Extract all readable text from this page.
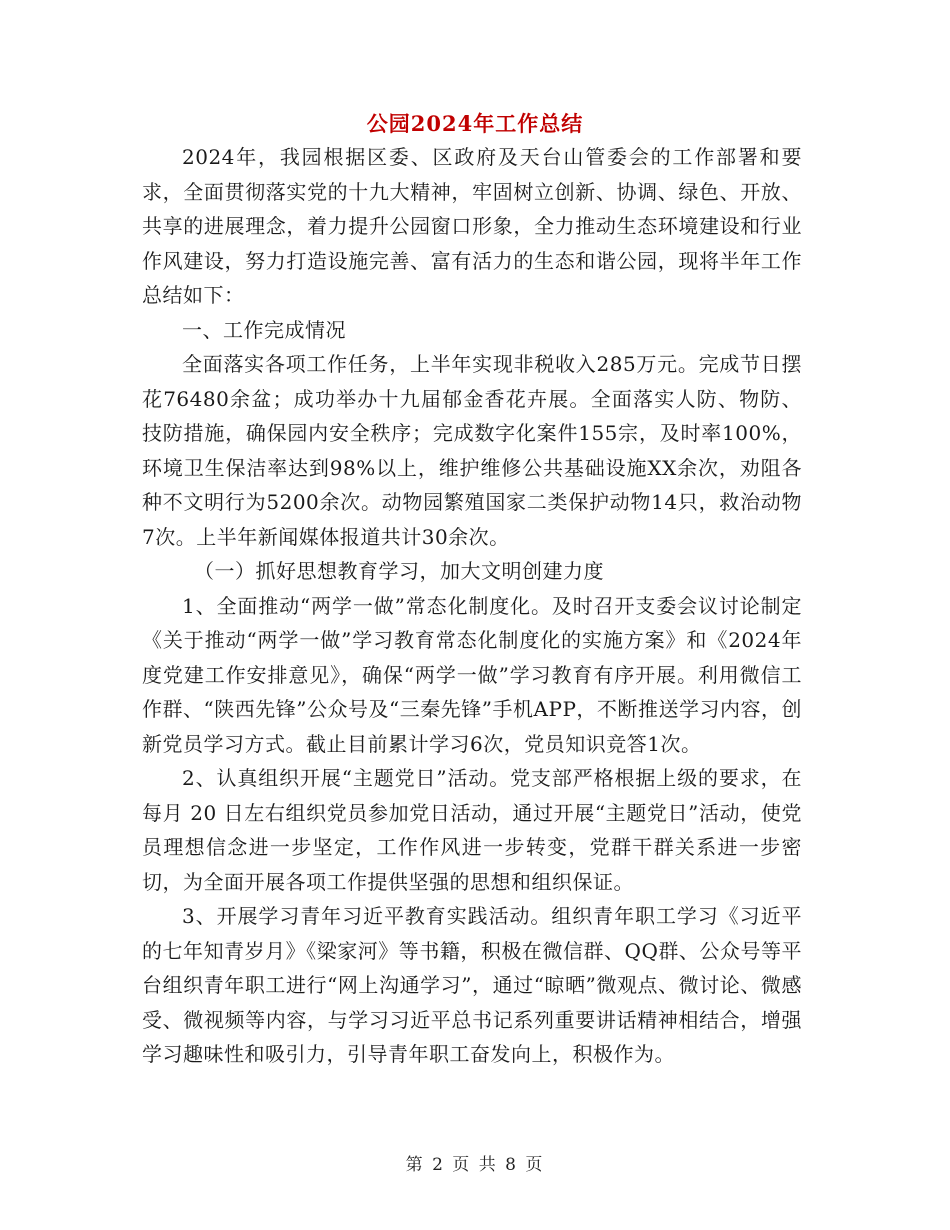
公园2024年工作总结

2024年，我园根据区委、区政府及天台山管委会的工作部署和要求，全面贯彻落实党的十九大精神，牢固树立创新、协调、绿色、开放、共享的进展理念，着力提升公园窗口形象，全力推动生态环境建设和行业作风建设，努力打造设施完善、富有活力的生态和谐公园，现将半年工作总结如下：

一、工作完成情况

全面落实各项工作任务，上半年实现非税收入285万元。完成节日摆花76480余盆；成功举办十九届郁金香花卉展。全面落实人防、物防、技防措施，确保园内安全秩序；完成数字化案件155宗，及时率100%，环境卫生保洁率达到98%以上，维护维修公共基础设施XX余次，劝阻各种不文明行为5200余次。动物园繁殖国家二类保护动物14只，救治动物7次。上半年新闻媒体报道共计30余次。

（一）抓好思想教育学习，加大文明创建力度

1、全面推动“两学一做”常态化制度化。及时召开支委会议讨论制定《关于推动“两学一做”学习教育常态化制度化的实施方案》和《2024年度党建工作安排意见》，确保“两学一做”学习教育有序开展。利用微信工作群、“陕西先锋”公众号及“三秦先锋”手机APP，不断推送学习内容，创新党员学习方式。截止目前累计学习6次，党员知识竞答1次。

2、认真组织开展“主题党日”活动。党支部严格根据上级的要求，在每月 20 日左右组织党员参加党日活动，通过开展“主题党日”活动，使党员理想信念进一步坚定，工作作风进一步转变，党群干群关系进一步密切，为全面开展各项工作提供坚强的思想和组织保证。

3、开展学习青年习近平教育实践活动。组织青年职工学习《习近平的七年知青岁月》《梁家河》等书籍，积极在微信群、QQ群、公众号等平台组织青年职工进行“网上沟通学习”，通过“晾晒”微观点、微讨论、微感受、微视频等内容，与学习习近平总书记系列重要讲话精神相结合，增强学习趣味性和吸引力，引导青年职工奋发向上，积极作为。

第 2 页 共 8 页
